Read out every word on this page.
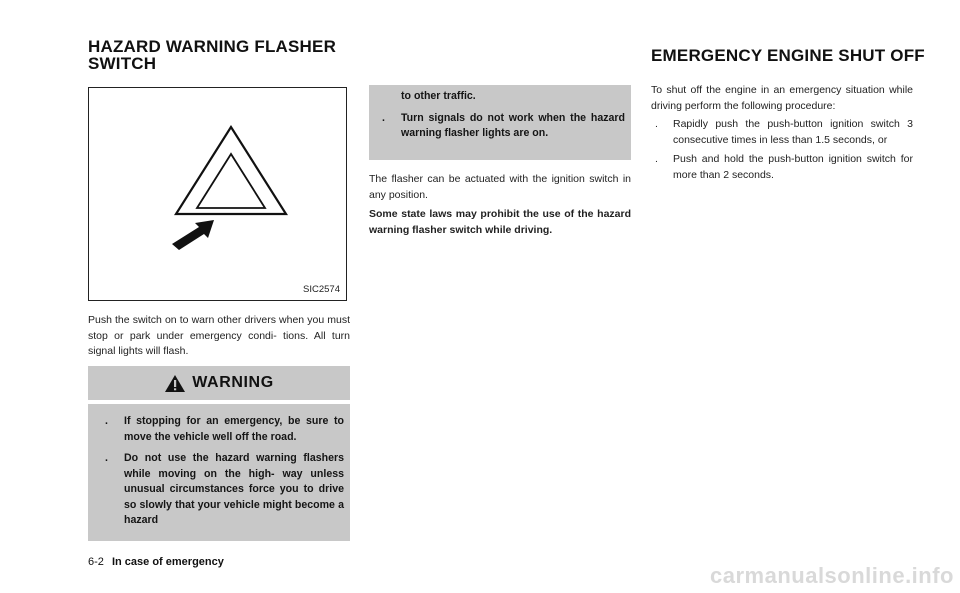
HAZARD WARNING FLASHER SWITCH	EMERGENCY ENGINE SHUT OFF
SIC2574
Push the switch on to warn other drivers when you must stop or park under emergency condi- tions. All turn signal lights will flash.
WARNING
. If stopping for an emergency, be sure to move the vehicle well off the road.
. Do not use the hazard warning flashers while moving on the high- way unless unusual circumstances force you to drive so slowly that your vehicle might become a hazard
to other traffic.
. Turn signals do not work when the hazard warning flasher lights are on.
The flasher can be actuated with the ignition switch in any position.
Some state laws may prohibit the use of the hazard warning flasher switch while driving.
To shut off the engine in an emergency situation while driving perform the following procedure:
. Rapidly push the push-button ignition switch 3 consecutive times in less than 1.5 seconds, or
. Push and hold the push-button ignition switch for more than 2 seconds.
6-2 In case of emergency
carmanualsonline.info
